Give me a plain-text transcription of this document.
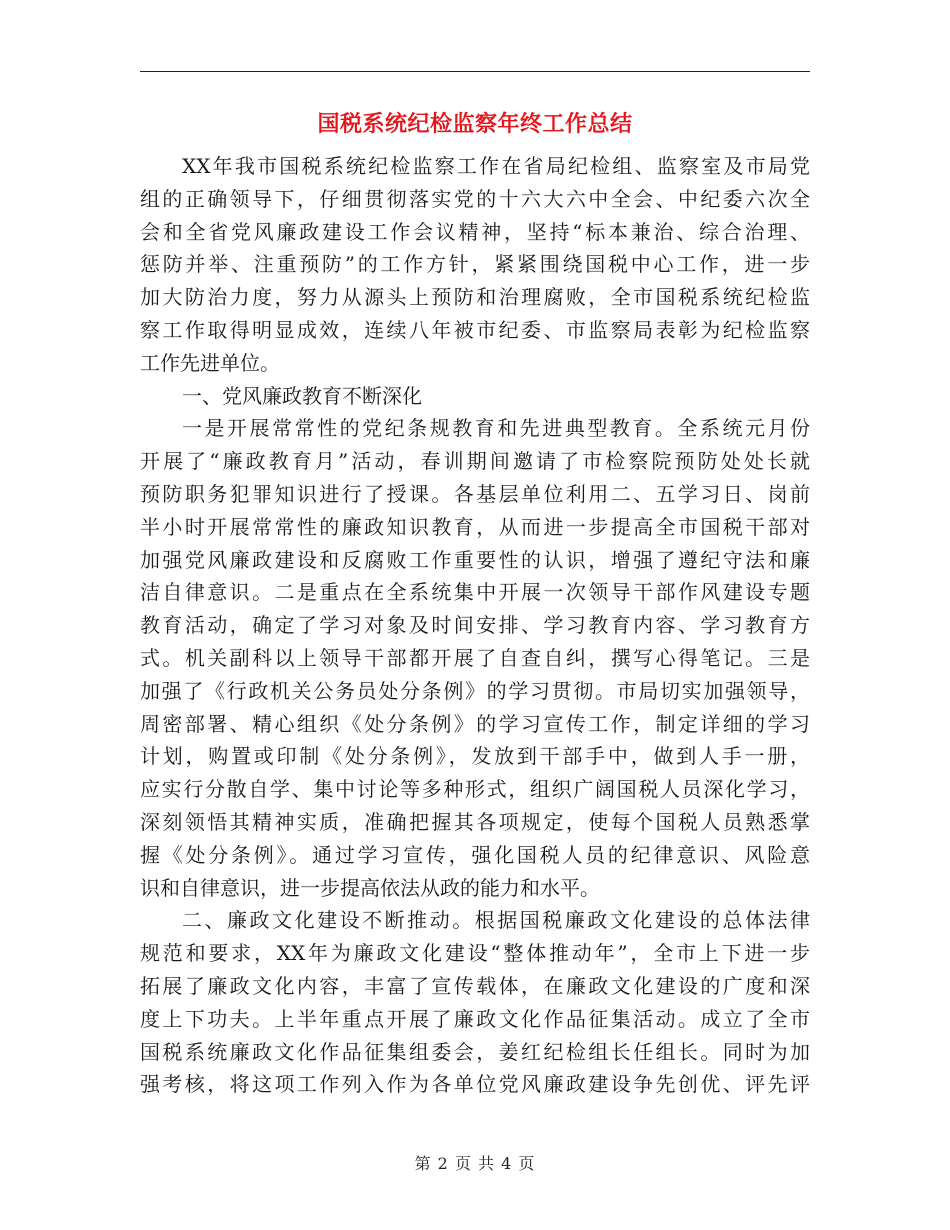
国税系统纪检监察年终工作总结
XX年我市国税系统纪检监察工作在省局纪检组、监察室及市局党
组的正确领导下，仔细贯彻落实党的十六大六中全会、中纪委六次全
会和全省党风廉政建设工作会议精神，坚持“标本兼治、综合治理、
惩防并举、注重预防”的工作方针，紧紧围绕国税中心工作，进一步
加大防治力度，努力从源头上预防和治理腐败，全市国税系统纪检监
察工作取得明显成效，连续八年被市纪委、市监察局表彰为纪检监察
工作先进单位。
一、党风廉政教育不断深化
一是开展常常性的党纪条规教育和先进典型教育。全系统元月份
开展了“廉政教育月”活动，春训期间邀请了市检察院预防处处长就
预防职务犯罪知识进行了授课。各基层单位利用二、五学习日、岗前
半小时开展常常性的廉政知识教育，从而进一步提高全市国税干部对
加强党风廉政建设和反腐败工作重要性的认识，增强了遵纪守法和廉
洁自律意识。二是重点在全系统集中开展一次领导干部作风建设专题
教育活动，确定了学习对象及时间安排、学习教育内容、学习教育方
式。机关副科以上领导干部都开展了自查自纠，撰写心得笔记。三是
加强了《行政机关公务员处分条例》的学习贯彻。市局切实加强领导，
周密部署、精心组织《处分条例》的学习宣传工作，制定详细的学习
计划，购置或印制《处分条例》，发放到干部手中，做到人手一册，
应实行分散自学、集中讨论等多种形式，组织广阔国税人员深化学习，
深刻领悟其精神实质，准确把握其各项规定，使每个国税人员熟悉掌
握《处分条例》。通过学习宣传，强化国税人员的纪律意识、风险意
识和自律意识，进一步提高依法从政的能力和水平。
二、廉政文化建设不断推动。根据国税廉政文化建设的总体法律
规范和要求，XX年为廉政文化建设“整体推动年”，全市上下进一步
拓展了廉政文化内容，丰富了宣传载体，在廉政文化建设的广度和深
度上下功夫。上半年重点开展了廉政文化作品征集活动。成立了全市
国税系统廉政文化作品征集组委会，姜红纪检组长任组长。同时为加
强考核，将这项工作列入作为各单位党风廉政建设争先创优、评先评
第 2 页 共 4 页
